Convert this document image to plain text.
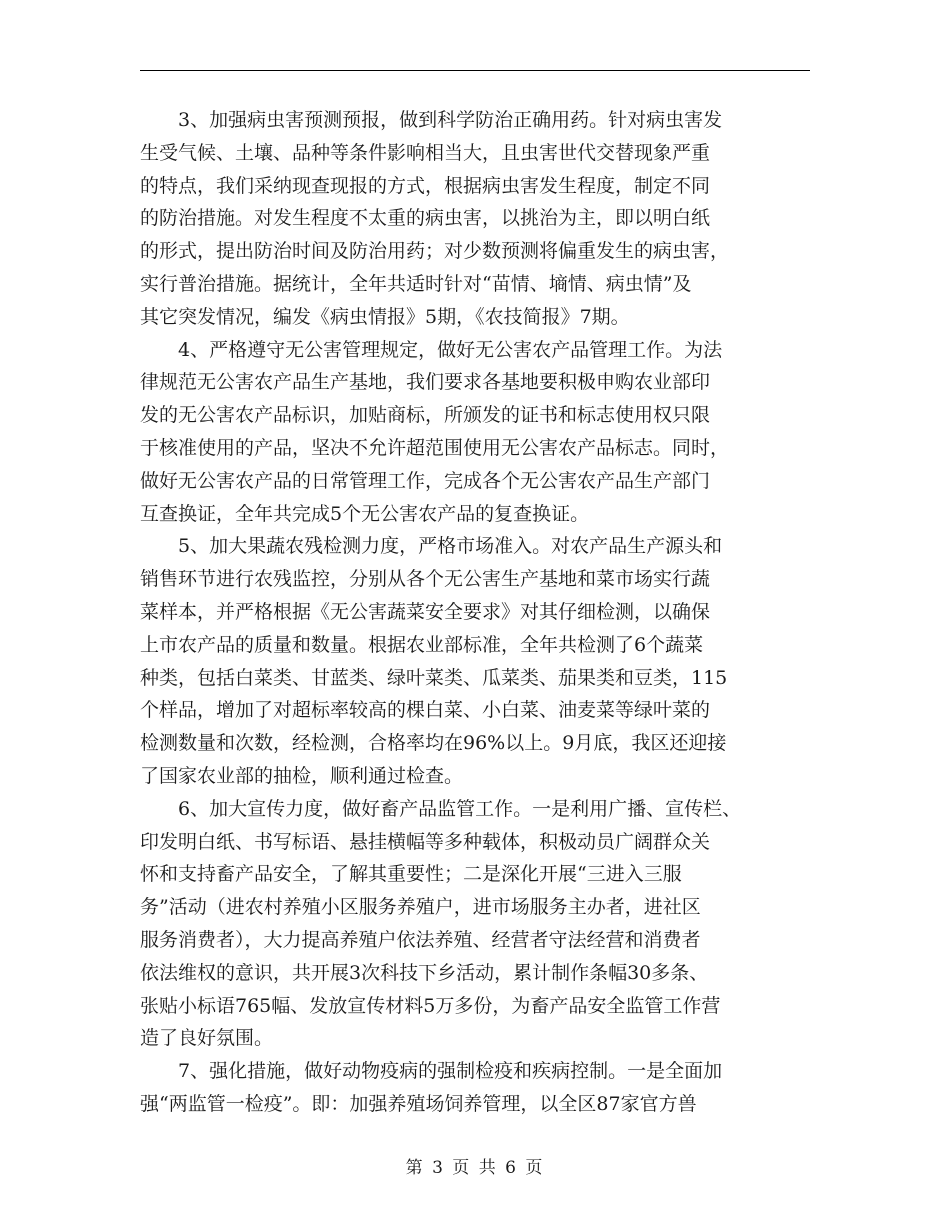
　　3、加强病虫害预测预报，做到科学防治正确用药。针对病虫害发
生受气候、土壤、品种等条件影响相当大，且虫害世代交替现象严重
的特点，我们采纳现查现报的方式，根据病虫害发生程度，制定不同
的防治措施。对发生程度不太重的病虫害，以挑治为主，即以明白纸
的形式，提出防治时间及防治用药；对少数预测将偏重发生的病虫害，
实行普治措施。据统计，全年共适时针对“苗情、墒情、病虫情”及
其它突发情况，编发《病虫情报》5期，《农技简报》7期。
　　4、严格遵守无公害管理规定，做好无公害农产品管理工作。为法
律规范无公害农产品生产基地，我们要求各基地要积极申购农业部印
发的无公害农产品标识，加贴商标，所颁发的证书和标志使用权只限
于核准使用的产品，坚决不允许超范围使用无公害农产品标志。同时，
做好无公害农产品的日常管理工作，完成各个无公害农产品生产部门
互查换证，全年共完成5个无公害农产品的复查换证。
　　5、加大果蔬农残检测力度，严格市场准入。对农产品生产源头和
销售环节进行农残监控，分别从各个无公害生产基地和菜市场实行蔬
菜样本，并严格根据《无公害蔬菜安全要求》对其仔细检测，以确保
上市农产品的质量和数量。根据农业部标准，全年共检测了6个蔬菜
种类，包括白菜类、甘蓝类、绿叶菜类、瓜菜类、茄果类和豆类，115
个样品，增加了对超标率较高的棵白菜、小白菜、油麦菜等绿叶菜的
检测数量和次数，经检测，合格率均在96%以上。9月底，我区还迎接
了国家农业部的抽检，顺利通过检查。
　　6、加大宣传力度，做好畜产品监管工作。一是利用广播、宣传栏、
印发明白纸、书写标语、悬挂横幅等多种载体，积极动员广阔群众关
怀和支持畜产品安全，了解其重要性；二是深化开展“三进入三服
务”活动（进农村养殖小区服务养殖户，进市场服务主办者，进社区
服务消费者），大力提高养殖户依法养殖、经营者守法经营和消费者
依法维权的意识，共开展3次科技下乡活动，累计制作条幅30多条、
张贴小标语765幅、发放宣传材料5万多份，为畜产品安全监管工作营
造了良好氛围。
　　7、强化措施，做好动物疫病的强制检疫和疾病控制。一是全面加
强“两监管一检疫”。即：加强养殖场饲养管理，以全区87家官方兽
第 3 页 共 6 页
